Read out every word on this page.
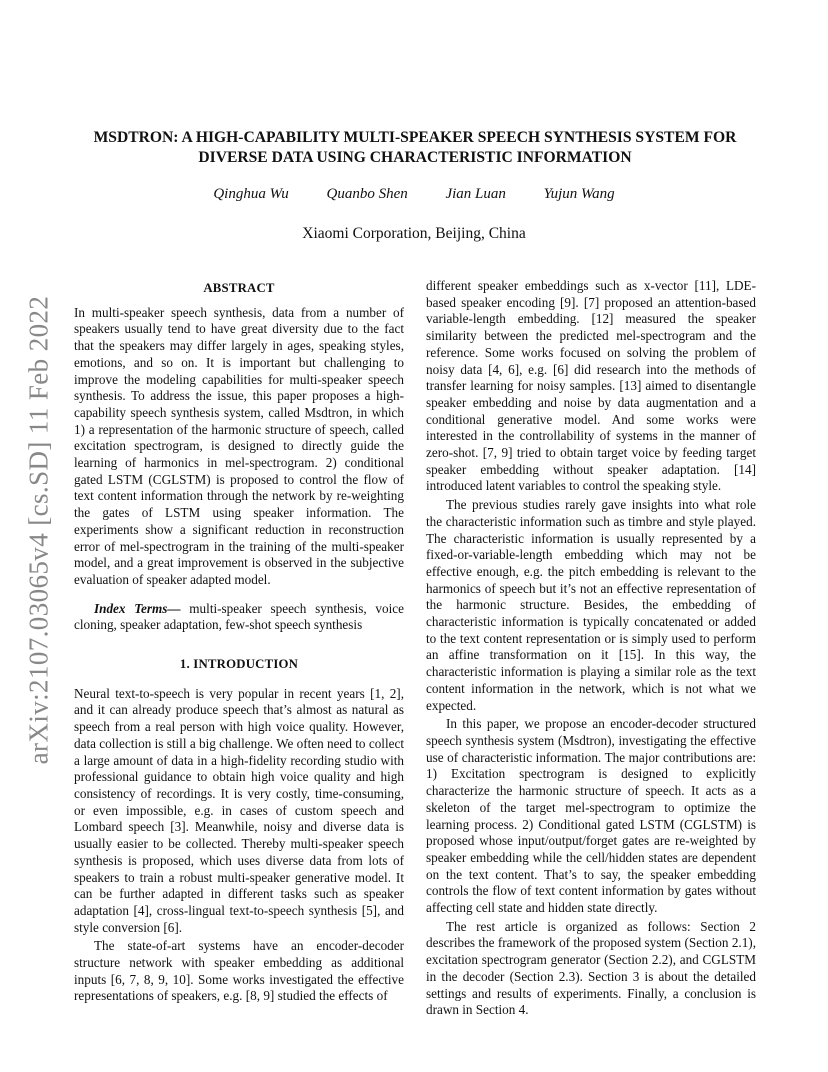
arXiv:2107.03065v4 [cs.SD] 11 Feb 2022
MSDTRON: A HIGH-CAPABILITY MULTI-SPEAKER SPEECH SYNTHESIS SYSTEM FOR DIVERSE DATA USING CHARACTERISTIC INFORMATION
Qinghua Wu	Quanbo Shen	Jian Luan	Yujun Wang
Xiaomi Corporation, Beijing, China
ABSTRACT

In multi-speaker speech synthesis, data from a number of speakers usually tend to have great diversity due to the fact that the speakers may differ largely in ages, speaking styles, emotions, and so on. It is important but challenging to improve the modeling capabilities for multi-speaker speech synthesis. To address the issue, this paper proposes a high-capability speech synthesis system, called Msdtron, in which 1) a representation of the harmonic structure of speech, called excitation spectrogram, is designed to directly guide the learning of harmonics in mel-spectrogram. 2) conditional gated LSTM (CGLSTM) is proposed to control the flow of text content information through the network by re-weighting the gates of LSTM using speaker information. The experiments show a significant reduction in reconstruction error of mel-spectrogram in the training of the multi-speaker model, and a great improvement is observed in the subjective evaluation of speaker adapted model.

Index Terms— multi-speaker speech synthesis, voice cloning, speaker adaptation, few-shot speech synthesis

1. INTRODUCTION

Neural text-to-speech is very popular in recent years [1, 2], and it can already produce speech that’s almost as natural as speech from a real person with high voice quality. However, data collection is still a big challenge. We often need to collect a large amount of data in a high-fidelity recording studio with professional guidance to obtain high voice quality and high consistency of recordings. It is very costly, time-consuming, or even impossible, e.g. in cases of custom speech and Lombard speech [3]. Meanwhile, noisy and diverse data is usually easier to be collected. Thereby multi-speaker speech synthesis is proposed, which uses diverse data from lots of speakers to train a robust multi-speaker generative model. It can be further adapted in different tasks such as speaker adaptation [4], cross-lingual text-to-speech synthesis [5], and style conversion [6].

The state-of-art systems have an encoder-decoder structure network with speaker embedding as additional inputs [6, 7, 8, 9, 10]. Some works investigated the effective representations of speakers, e.g. [8, 9] studied the effects of

different speaker embeddings such as x-vector [11], LDE-based speaker encoding [9]. [7] proposed an attention-based variable-length embedding. [12] measured the speaker similarity between the predicted mel-spectrogram and the reference. Some works focused on solving the problem of noisy data [4, 6], e.g. [6] did research into the methods of transfer learning for noisy samples. [13] aimed to disentangle speaker embedding and noise by data augmentation and a conditional generative model. And some works were interested in the controllability of systems in the manner of zero-shot. [7, 9] tried to obtain target voice by feeding target speaker embedding without speaker adaptation. [14] introduced latent variables to control the speaking style.

The previous studies rarely gave insights into what role the characteristic information such as timbre and style played. The characteristic information is usually represented by a fixed-or-variable-length embedding which may not be effective enough, e.g. the pitch embedding is relevant to the harmonics of speech but it’s not an effective representation of the harmonic structure. Besides, the embedding of characteristic information is typically concatenated or added to the text content representation or is simply used to perform an affine transformation on it [15]. In this way, the characteristic information is playing a similar role as the text content information in the network, which is not what we expected.

In this paper, we propose an encoder-decoder structured speech synthesis system (Msdtron), investigating the effective use of characteristic information. The major contributions are: 1) Excitation spectrogram is designed to explicitly characterize the harmonic structure of speech. It acts as a skeleton of the target mel-spectrogram to optimize the learning process. 2) Conditional gated LSTM (CGLSTM) is proposed whose input/output/forget gates are re-weighted by speaker embedding while the cell/hidden states are dependent on the text content. That’s to say, the speaker embedding controls the flow of text content information by gates without affecting cell state and hidden state directly.

The rest article is organized as follows: Section 2 describes the framework of the proposed system (Section 2.1), excitation spectrogram generator (Section 2.2), and CGLSTM in the decoder (Section 2.3). Section 3 is about the detailed settings and results of experiments. Finally, a conclusion is drawn in Section 4.
